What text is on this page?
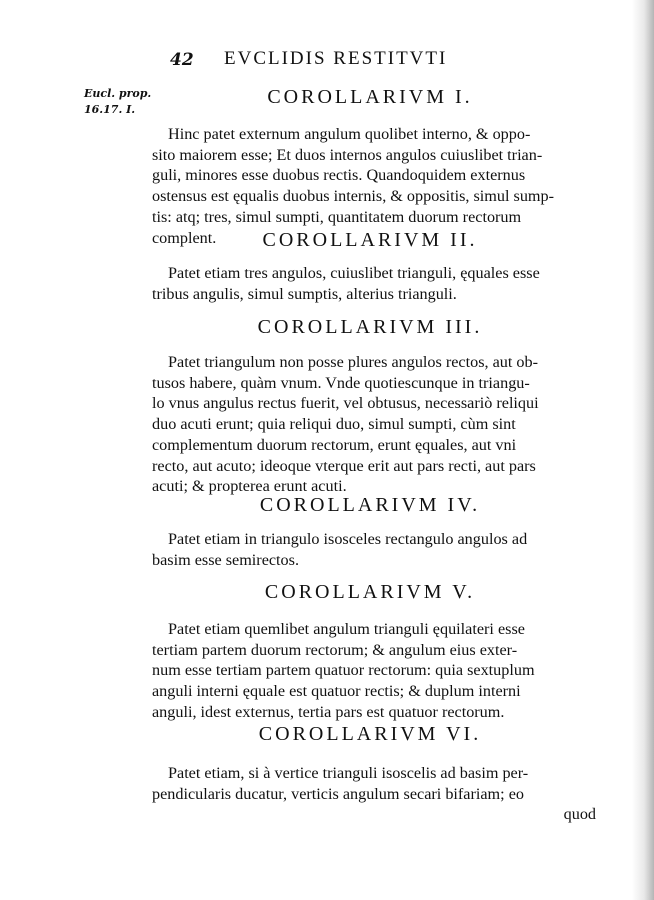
42 EVCLIDIS RESTITVTI
Eucl. prop.
16.17. I.
COROLLARIVM I.
Hinc patet externum angulum quolibet interno, & oppo-
sito maiorem esse; Et duos internos angulos cuiuslibet trian-
guli, minores esse duobus rectis. Quandoquidem externus
ostensus est ęqualis duobus internis, & oppositis, simul sump-
tis: atq; tres, simul sumpti, quantitatem duorum rectorum
complent.	COROLLARIVM II.
Patet etiam tres angulos, cuiuslibet trianguli, ęquales esse
tribus angulis, simul sumptis, alterius trianguli.
COROLLARIVM III.
Patet triangulum non posse plures angulos rectos, aut ob-
tusos habere, quàm vnum. Vnde quotiescunque in triangu-
lo vnus angulus rectus fuerit, vel obtusus, necessariò reliqui
duo acuti erunt; quia reliqui duo, simul sumpti, cùm sint
complementum duorum rectorum, erunt ęquales, aut vni
recto, aut acuto; ideoque vterque erit aut pars recti, aut pars
acuti; & propterea erunt acuti.
COROLLARIVM IV.
Patet etiam in triangulo isosceles rectangulo angulos ad
basim esse semirectos.
COROLLARIVM V.
Patet etiam quemlibet angulum trianguli ęquilateri esse
tertiam partem duorum rectorum; & angulum eius exter-
num esse tertiam partem quatuor rectorum: quia sextuplum
anguli interni ęquale est quatuor rectis; & duplum interni
anguli, idest externus, tertia pars est quatuor rectorum.
COROLLARIVM VI.
Patet etiam, si à vertice trianguli isoscelis ad basim per-
pendicularis ducatur, verticis angulum secari bifariam; eo
quod
